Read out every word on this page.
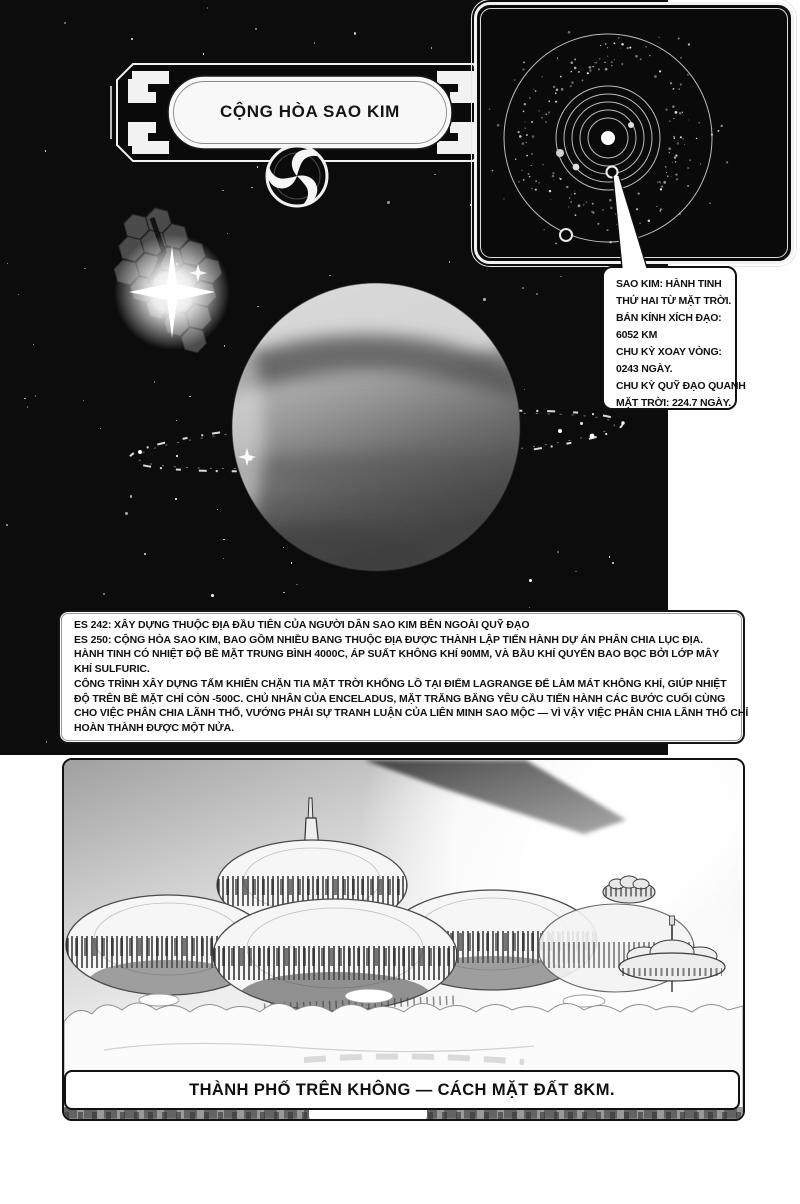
CỘNG HÒA SAO KIM
SAO KIM: HÀNH TINH
THỨ HAI TỪ MẶT TRỜI.
BÁN KÍNH XÍCH ĐẠO:
6052 KM
CHU KỲ XOAY VÒNG:
0243 NGÀY.
CHU KỲ QUỸ ĐẠO QUANH
MẶT TRỜI: 224.7 NGÀY.
ES 242: XÂY DỰNG THUỘC ĐỊA ĐẦU TIÊN CỦA NGƯỜI DÂN SAO KIM BÊN NGOÀI QUỸ ĐẠO
ES 250: CỘNG HÒA SAO KIM, BAO GỒM NHIỀU BANG THUỘC ĐỊA ĐƯỢC THÀNH LẬP TIẾN HÀNH DỰ ÁN PHÂN CHIA LỤC ĐỊA.
HÀNH TINH CÓ NHIỆT ĐỘ BỀ MẶT TRUNG BÌNH 4000C, ÁP SUẤT KHÔNG KHÍ 90MM, VÀ BẦU KHÍ QUYỂN BAO BỌC BỞI LỚP MÂY
KHÍ SULFURIC.
CÔNG TRÌNH XÂY DỰNG TẤM KHIÊN CHẶN TIA MẶT TRỜI KHỔNG LỒ TẠI ĐIỂM LAGRANGE ĐỂ LÀM MÁT KHÔNG KHÍ, GIÚP NHIỆT
ĐỘ TRÊN BỀ MẶT CHỈ CÒN -500C. CHỦ NHÂN CỦA ENCELADUS, MẶT TRĂNG BĂNG YÊU CẦU TIẾN HÀNH CÁC BƯỚC CUỐI CÙNG
CHO VIỆC PHÂN CHIA LÃNH THỔ, VƯỚNG PHẢI SỰ TRANH LUẬN CỦA LIÊN MINH SAO MỘC — VÌ VẬY VIỆC PHÂN CHIA LÃNH THỔ CHỈ
HOÀN THÀNH ĐƯỢC MỘT NỬA.
THÀNH PHỐ TRÊN KHÔNG — CÁCH MẶT ĐẤT 8KM.
